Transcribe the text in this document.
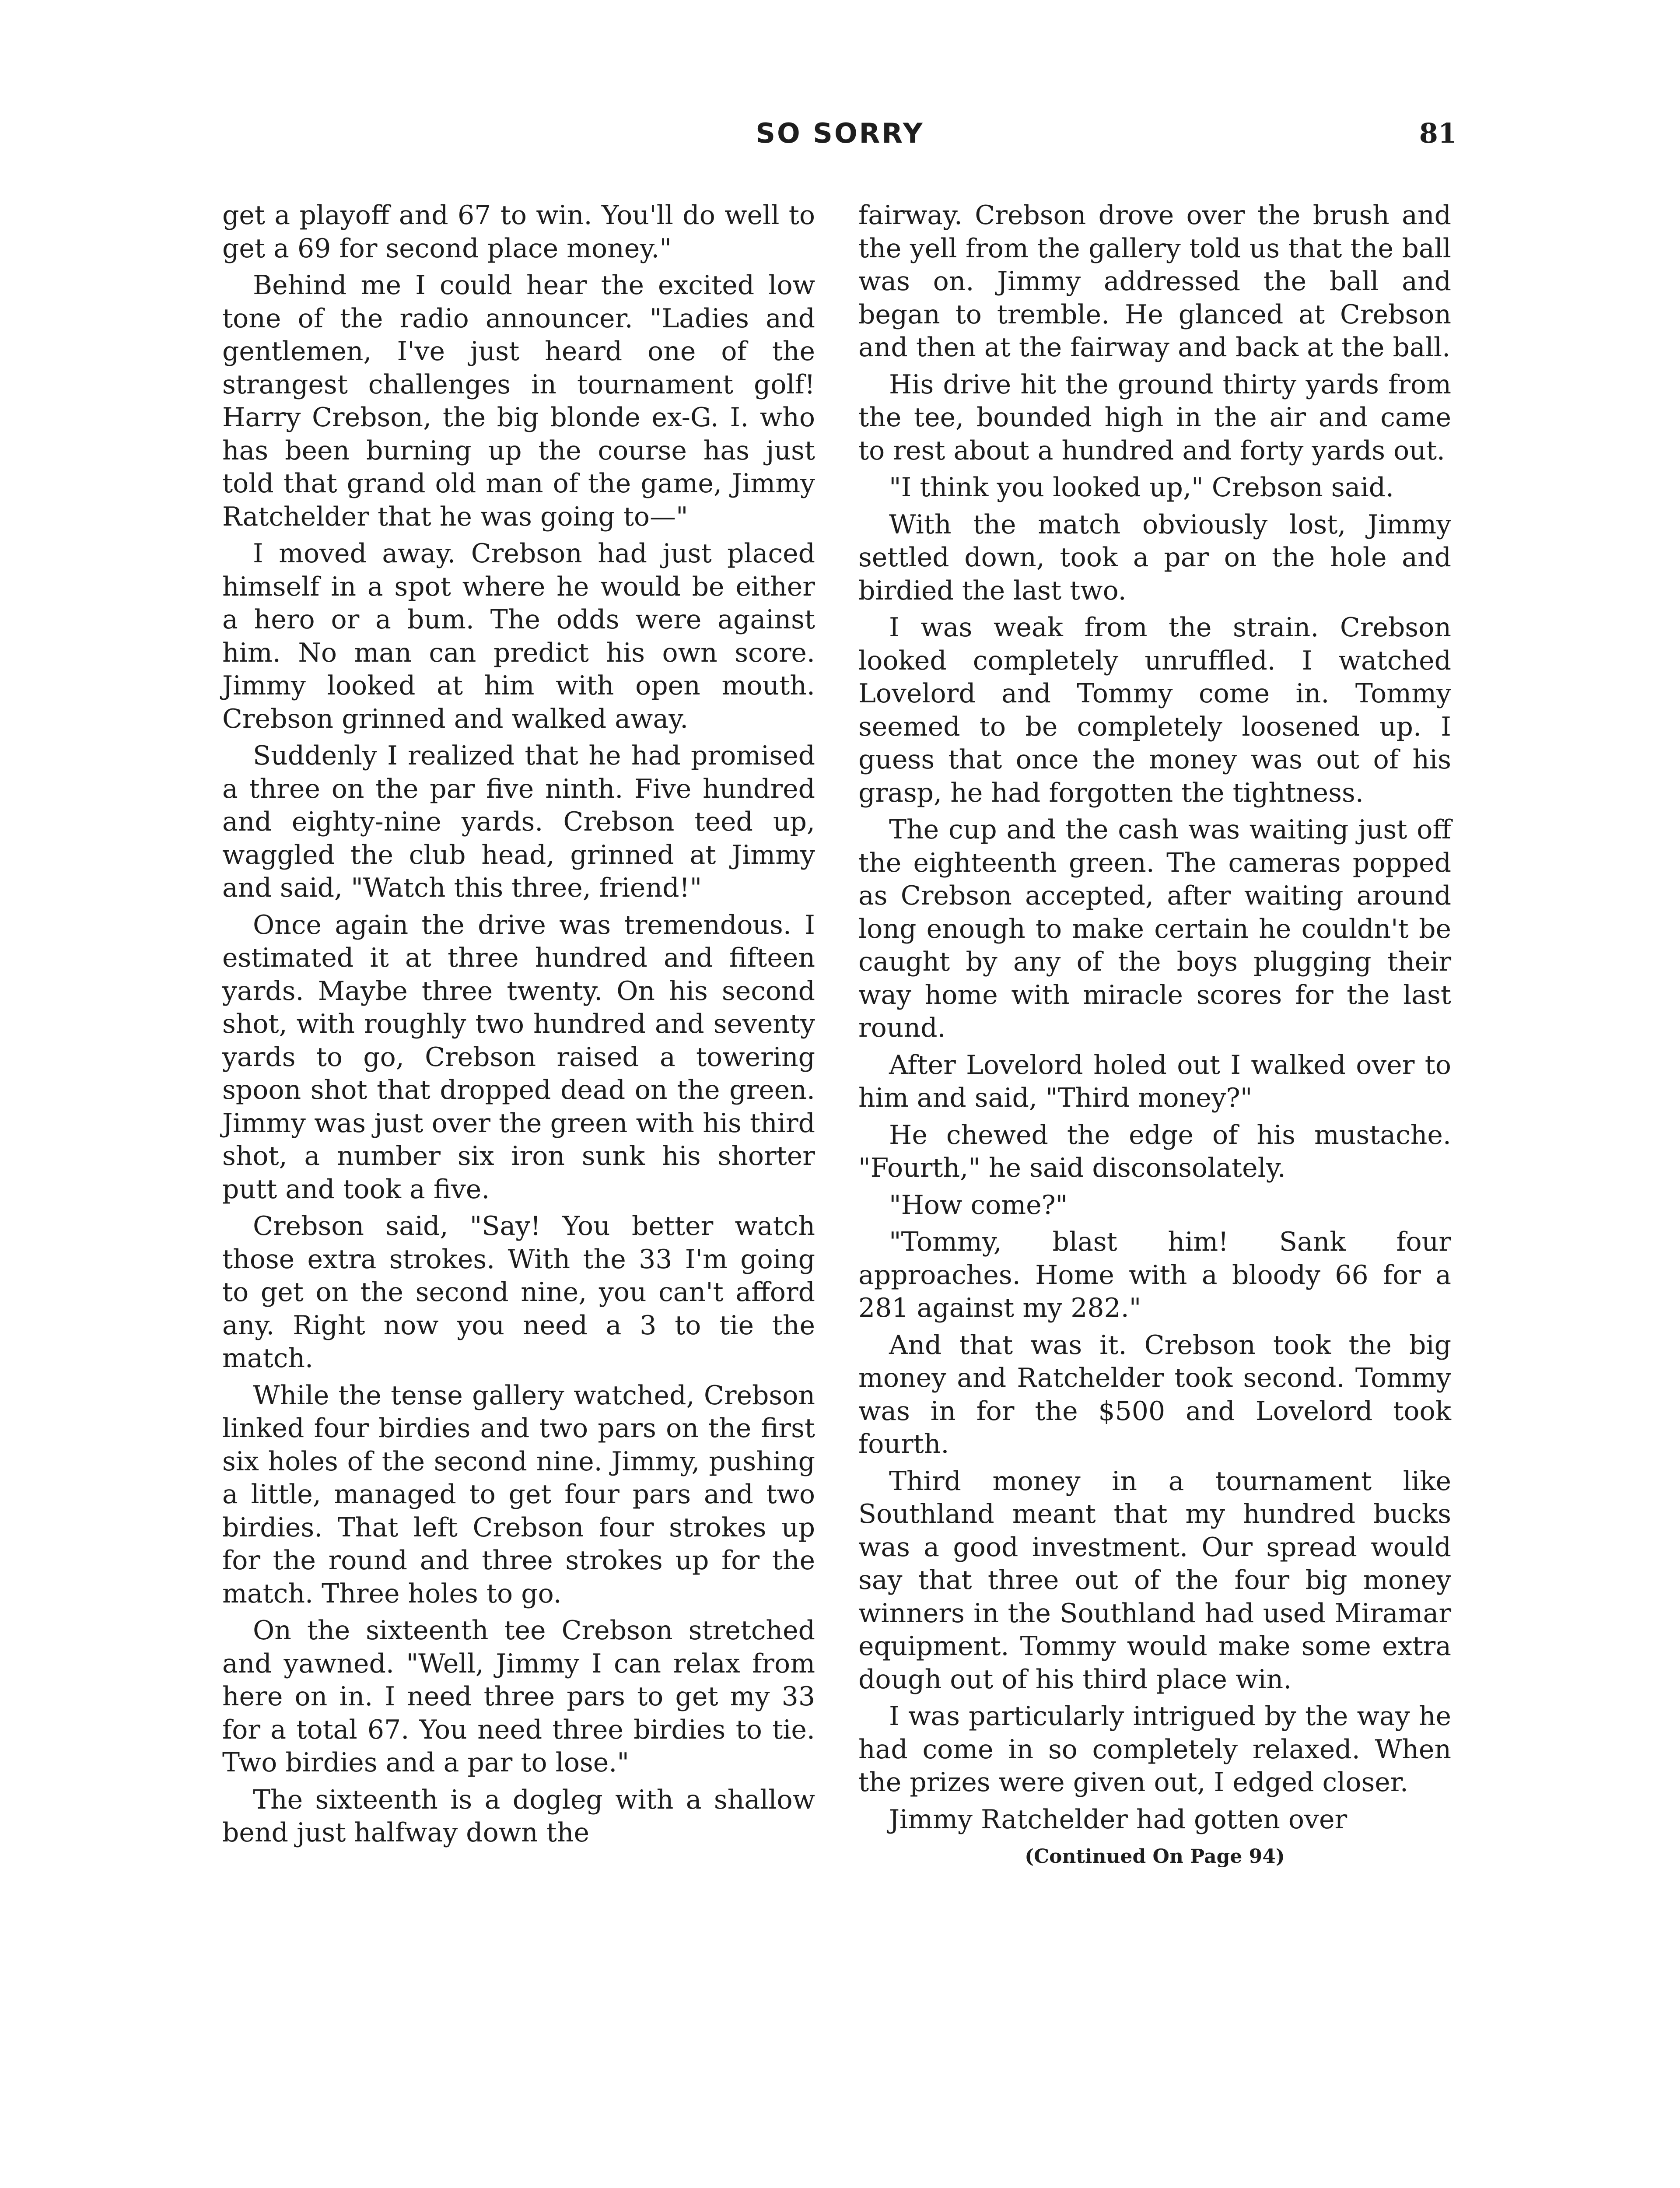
SO SORRY	81

get a playoff and 67 to win. You'll do well to get a 69 for second place money."

Behind me I could hear the excited low tone of the radio announcer. "Ladies and gentlemen, I've just heard one of the strangest challenges in tournament golf! Harry Crebson, the big blonde ex-G. I. who has been burning up the course has just told that grand old man of the game, Jimmy Ratchelder that he was going to—"

I moved away. Crebson had just placed himself in a spot where he would be either a hero or a bum. The odds were against him. No man can predict his own score. Jimmy looked at him with open mouth. Crebson grinned and walked away.

Suddenly I realized that he had promised a three on the par five ninth. Five hundred and eighty-nine yards. Crebson teed up, waggled the club head, grinned at Jimmy and said, "Watch this three, friend!"

Once again the drive was tremendous. I estimated it at three hundred and fifteen yards. Maybe three twenty. On his second shot, with roughly two hundred and seventy yards to go, Crebson raised a towering spoon shot that dropped dead on the green. Jimmy was just over the green with his third shot, a number six iron sunk his shorter putt and took a five.

Crebson said, "Say! You better watch those extra strokes. With the 33 I'm going to get on the second nine, you can't afford any. Right now you need a 3 to tie the match.

While the tense gallery watched, Crebson linked four birdies and two pars on the first six holes of the second nine. Jimmy, pushing a little, managed to get four pars and two birdies. That left Crebson four strokes up for the round and three strokes up for the match. Three holes to go.

On the sixteenth tee Crebson stretched and yawned. "Well, Jimmy I can relax from here on in. I need three pars to get my 33 for a total 67. You need three birdies to tie. Two birdies and a par to lose."

The sixteenth is a dogleg with a shallow bend just halfway down the

fairway. Crebson drove over the brush and the yell from the gallery told us that the ball was on. Jimmy addressed the ball and began to tremble. He glanced at Crebson and then at the fairway and back at the ball.

His drive hit the ground thirty yards from the tee, bounded high in the air and came to rest about a hundred and forty yards out.

"I think you looked up," Crebson said.

With the match obviously lost, Jimmy settled down, took a par on the hole and birdied the last two.

I was weak from the strain. Crebson looked completely unruffled. I watched Lovelord and Tommy come in. Tommy seemed to be completely loosened up. I guess that once the money was out of his grasp, he had forgotten the tightness.

The cup and the cash was waiting just off the eighteenth green. The cameras popped as Crebson accepted, after waiting around long enough to make certain he couldn't be caught by any of the boys plugging their way home with miracle scores for the last round.

After Lovelord holed out I walked over to him and said, "Third money?"

He chewed the edge of his mustache. "Fourth," he said disconsolately.

"How come?"

"Tommy, blast him! Sank four approaches. Home with a bloody 66 for a 281 against my 282."

And that was it. Crebson took the big money and Ratchelder took second. Tommy was in for the $500 and Lovelord took fourth.

Third money in a tournament like Southland meant that my hundred bucks was a good investment. Our spread would say that three out of the four big money winners in the Southland had used Miramar equipment. Tommy would make some extra dough out of his third place win.

I was particularly intrigued by the way he had come in so completely relaxed. When the prizes were given out, I edged closer.

Jimmy Ratchelder had gotten over

(Continued On Page 94)
